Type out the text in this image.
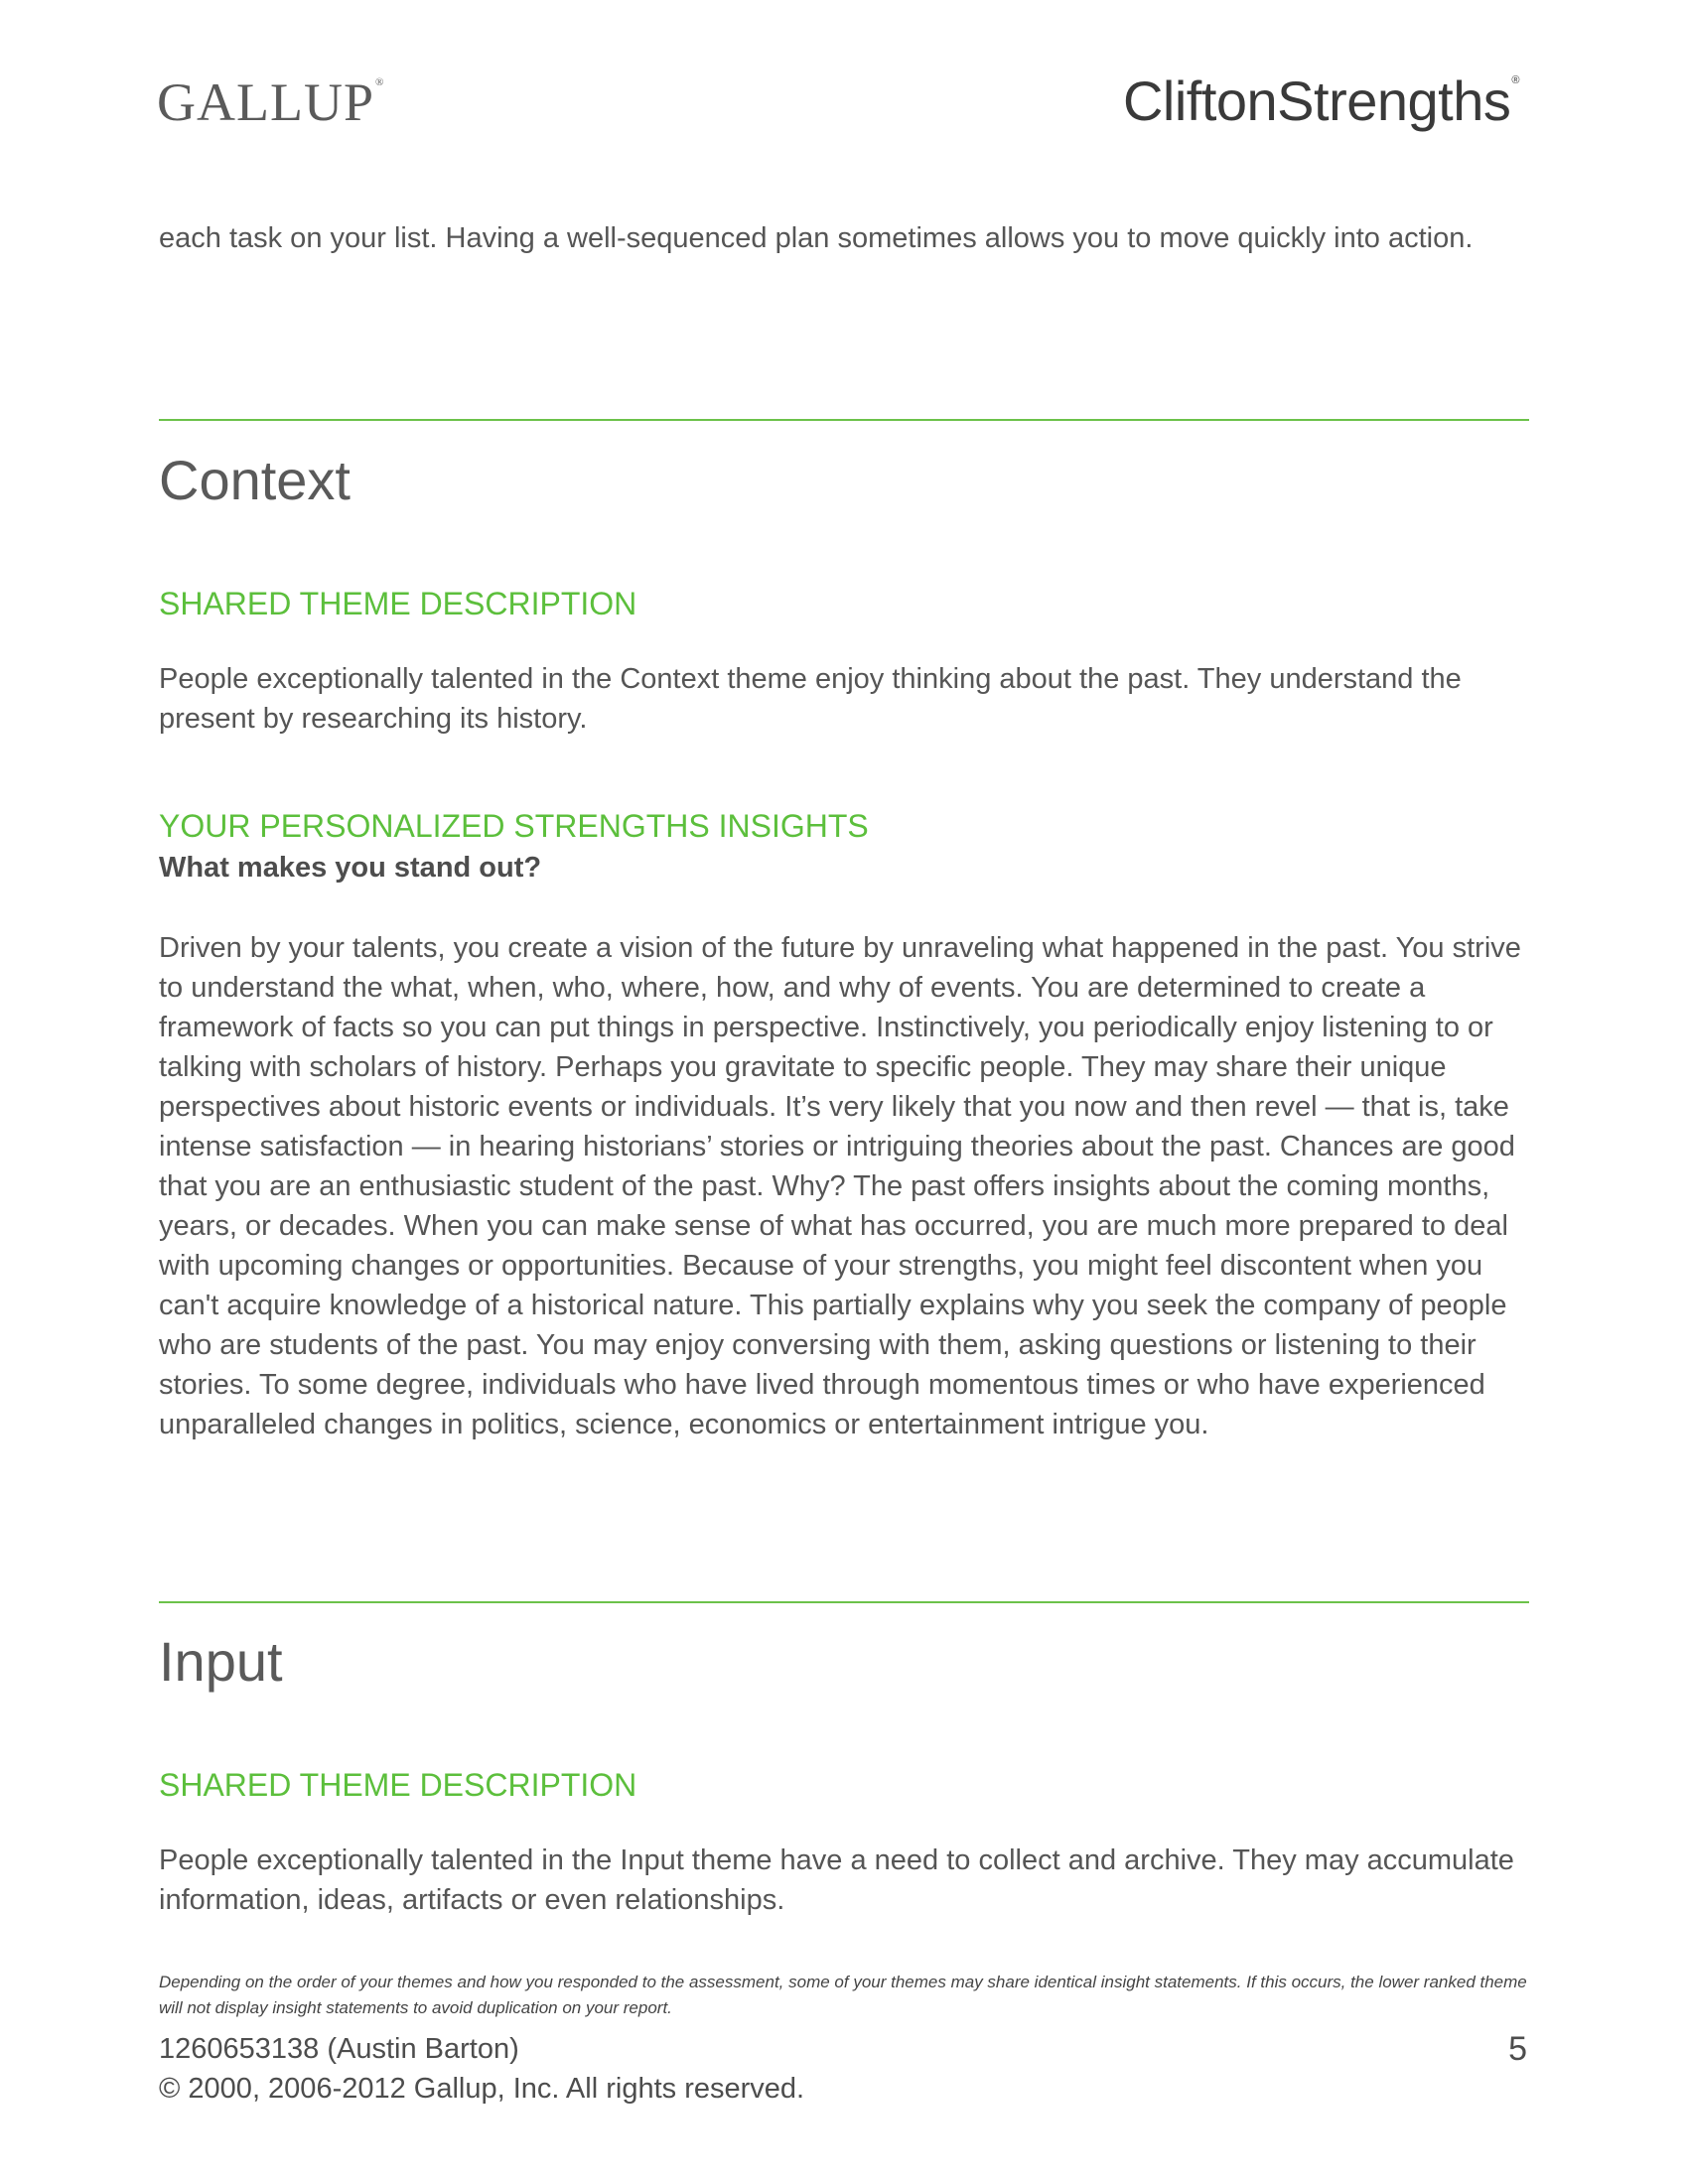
GALLUP®	CliftonStrengths®
each task on your list. Having a well-sequenced plan sometimes allows you to move quickly into action.
Context
SHARED THEME DESCRIPTION
People exceptionally talented in the Context theme enjoy thinking about the past. They understand the present by researching its history.
YOUR PERSONALIZED STRENGTHS INSIGHTS
What makes you stand out?
Driven by your talents, you create a vision of the future by unraveling what happened in the past. You strive to understand the what, when, who, where, how, and why of events. You are determined to create a framework of facts so you can put things in perspective. Instinctively, you periodically enjoy listening to or talking with scholars of history. Perhaps you gravitate to specific people. They may share their unique perspectives about historic events or individuals. It’s very likely that you now and then revel — that is, take intense satisfaction — in hearing historians’ stories or intriguing theories about the past. Chances are good that you are an enthusiastic student of the past. Why? The past offers insights about the coming months, years, or decades. When you can make sense of what has occurred, you are much more prepared to deal with upcoming changes or opportunities. Because of your strengths, you might feel discontent when you can't acquire knowledge of a historical nature. This partially explains why you seek the company of people who are students of the past. You may enjoy conversing with them, asking questions or listening to their stories. To some degree, individuals who have lived through momentous times or who have experienced unparalleled changes in politics, science, economics or entertainment intrigue you.
Input
SHARED THEME DESCRIPTION
People exceptionally talented in the Input theme have a need to collect and archive. They may accumulate information, ideas, artifacts or even relationships.
Depending on the order of your themes and how you responded to the assessment, some of your themes may share identical insight statements. If this occurs, the lower ranked theme will not display insight statements to avoid duplication on your report.
1260653138 (Austin Barton)
© 2000, 2006-2012 Gallup, Inc. All rights reserved.
5
